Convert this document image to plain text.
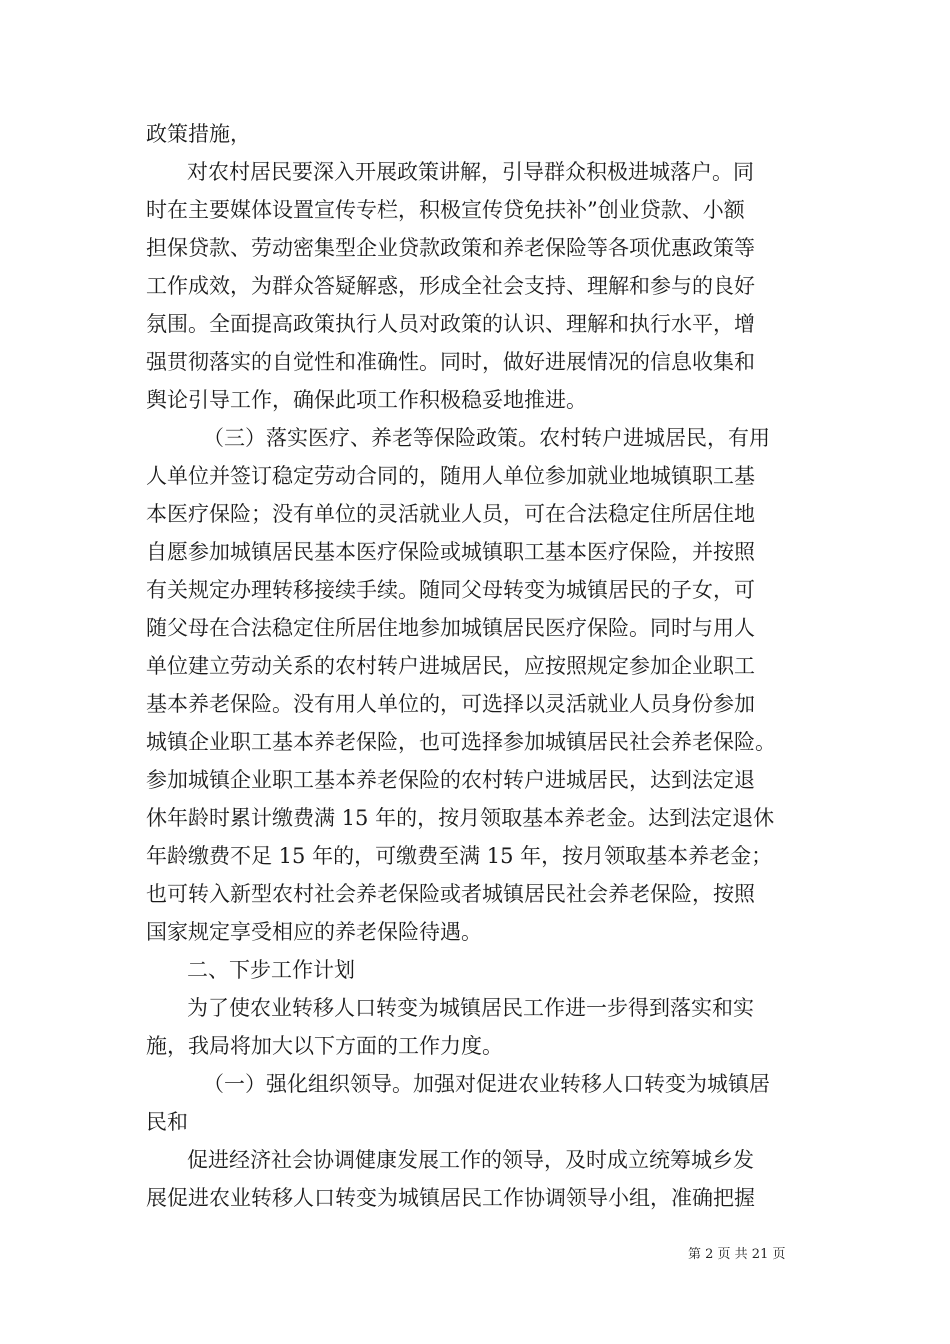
政策措施，
对农村居民要深入开展政策讲解，引导群众积极进城落户。同
时在主要媒体设置宣传专栏，积极宣传贷免扶补”创业贷款、小额
担保贷款、劳动密集型企业贷款政策和养老保险等各项优惠政策等
工作成效，为群众答疑解惑，形成全社会支持、理解和参与的良好
氛围。全面提高政策执行人员对政策的认识、理解和执行水平，增
强贯彻落实的自觉性和准确性。同时，做好进展情况的信息收集和
舆论引导工作，确保此项工作积极稳妥地推进。
（三）落实医疗、养老等保险政策。农村转户进城居民，有用
人单位并签订稳定劳动合同的，随用人单位参加就业地城镇职工基
本医疗保险；没有单位的灵活就业人员，可在合法稳定住所居住地
自愿参加城镇居民基本医疗保险或城镇职工基本医疗保险，并按照
有关规定办理转移接续手续。随同父母转变为城镇居民的子女，可
随父母在合法稳定住所居住地参加城镇居民医疗保险。同时与用人
单位建立劳动关系的农村转户进城居民，应按照规定参加企业职工
基本养老保险。没有用人单位的，可选择以灵活就业人员身份参加
城镇企业职工基本养老保险，也可选择参加城镇居民社会养老保险。
参加城镇企业职工基本养老保险的农村转户进城居民，达到法定退
休年龄时累计缴费满 15 年的，按月领取基本养老金。达到法定退休
年龄缴费不足 15 年的，可缴费至满 15 年，按月领取基本养老金；
也可转入新型农村社会养老保险或者城镇居民社会养老保险，按照
国家规定享受相应的养老保险待遇。
二、下步工作计划
为了使农业转移人口转变为城镇居民工作进一步得到落实和实
施，我局将加大以下方面的工作力度。
（一）强化组织领导。加强对促进农业转移人口转变为城镇居
民和
促进经济社会协调健康发展工作的领导，及时成立统筹城乡发
展促进农业转移人口转变为城镇居民工作协调领导小组，准确把握
第 2 页 共 21 页
